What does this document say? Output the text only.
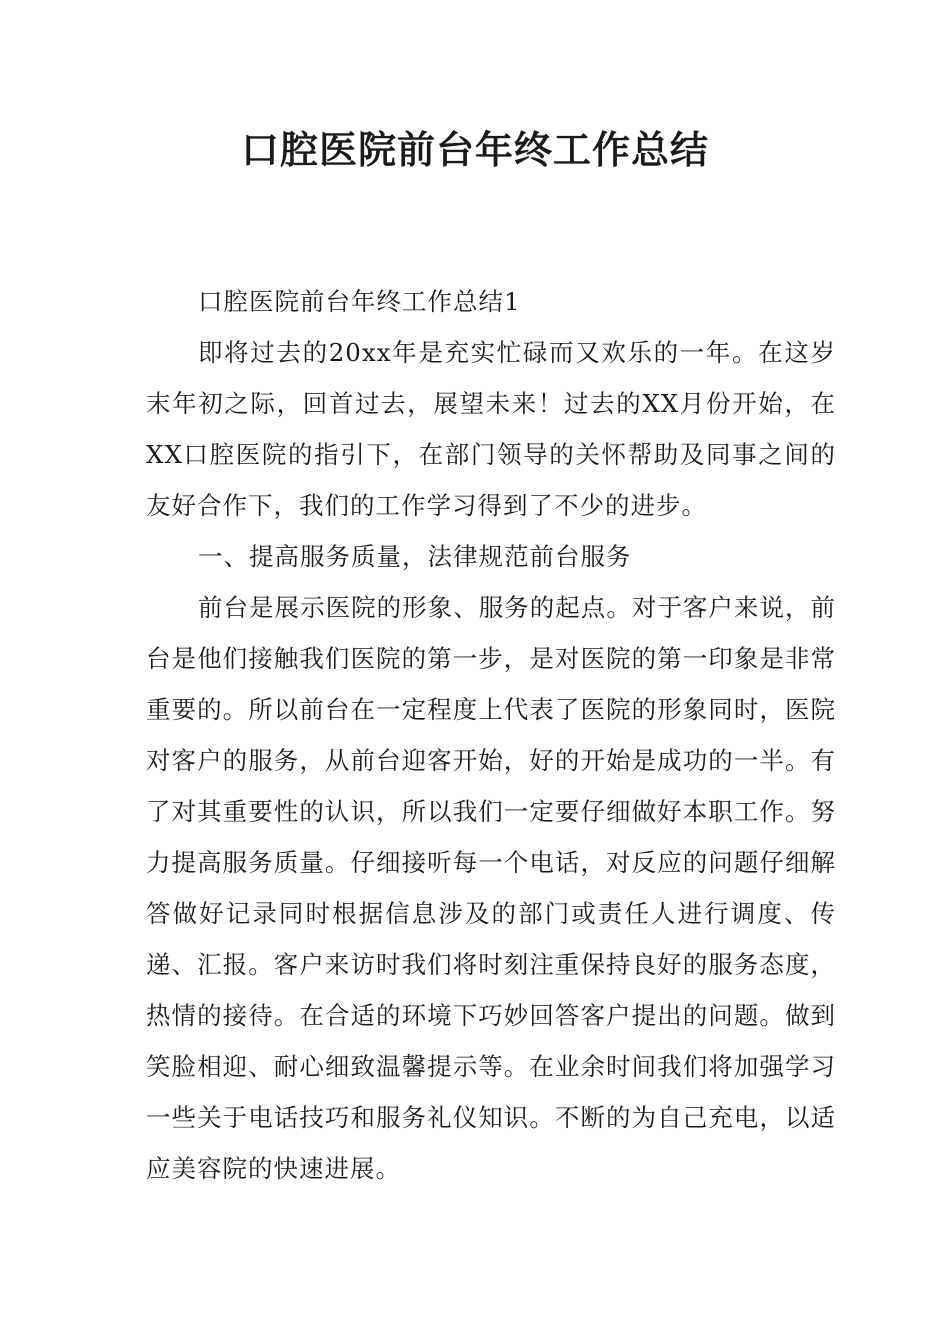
口腔医院前台年终工作总结

口腔医院前台年终工作总结1

即将过去的20xx年是充实忙碌而又欢乐的一年。在这岁末年初之际，回首过去，展望未来！过去的XX月份开始，在XX口腔医院的指引下，在部门领导的关怀帮助及同事之间的友好合作下，我们的工作学习得到了不少的进步。

一、提高服务质量，法律规范前台服务

前台是展示医院的形象、服务的起点。对于客户来说，前台是他们接触我们医院的第一步，是对医院的第一印象是非常重要的。所以前台在一定程度上代表了医院的形象同时，医院对客户的服务，从前台迎客开始，好的开始是成功的一半。有了对其重要性的认识，所以我们一定要仔细做好本职工作。努力提高服务质量。仔细接听每一个电话，对反应的问题仔细解答做好记录同时根据信息涉及的部门或责任人进行调度、传递、汇报。客户来访时我们将时刻注重保持良好的服务态度，热情的接待。在合适的环境下巧妙回答客户提出的问题。做到笑脸相迎、耐心细致温馨提示等。在业余时间我们将加强学习一些关于电话技巧和服务礼仪知识。不断的为自己充电，以适应美容院的快速进展。
